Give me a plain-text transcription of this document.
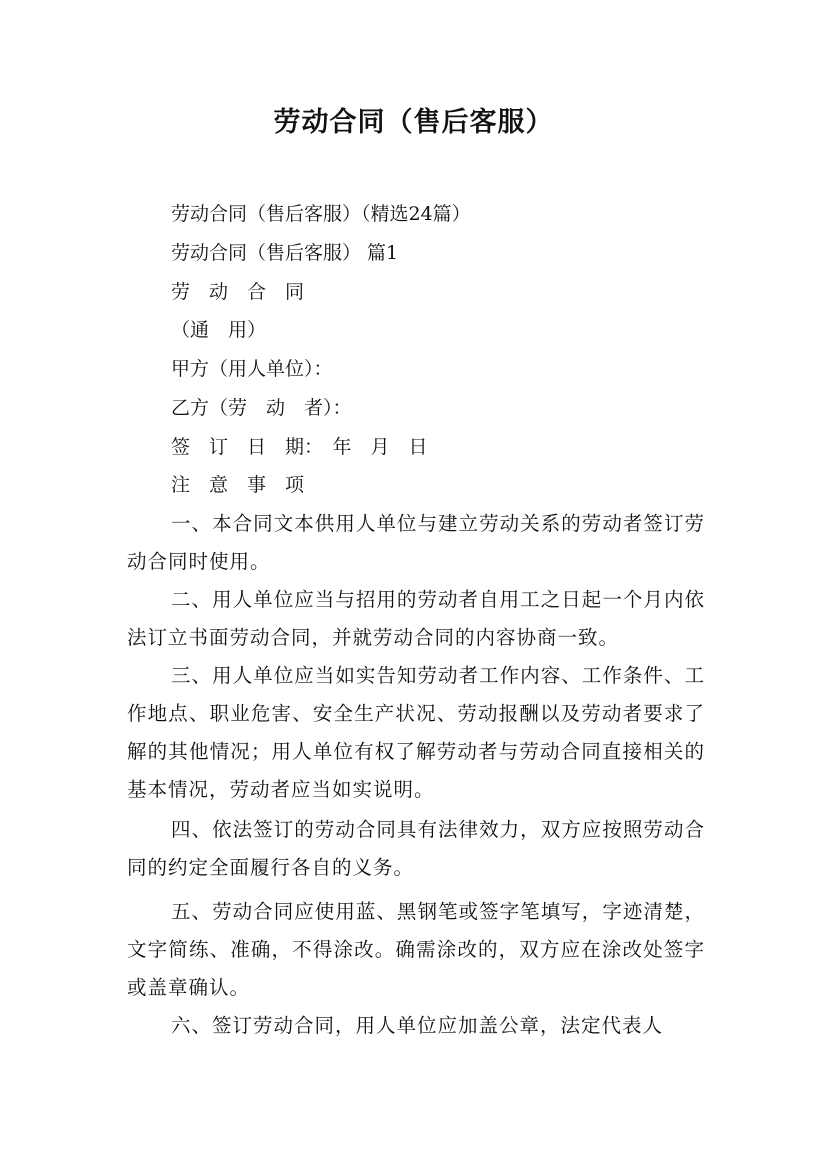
劳动合同（售后客服）
劳动合同（售后客服）（精选24篇）
劳动合同（售后客服） 篇1
劳　动　合　同
（通　用）
甲方（用人单位）：
乙方（劳　动　者）：
签　订　日　期：　年　月　日
注　意　事　项
一、本合同文本供用人单位与建立劳动关系的劳动者签订劳动合同时使用。
二、用人单位应当与招用的劳动者自用工之日起一个月内依法订立书面劳动合同，并就劳动合同的内容协商一致。
三、用人单位应当如实告知劳动者工作内容、工作条件、工作地点、职业危害、安全生产状况、劳动报酬以及劳动者要求了解的其他情况；用人单位有权了解劳动者与劳动合同直接相关的基本情况，劳动者应当如实说明。
四、依法签订的劳动合同具有法律效力，双方应按照劳动合同的约定全面履行各自的义务。
五、劳动合同应使用蓝、黑钢笔或签字笔填写，字迹清楚，文字简练、准确，不得涂改。确需涂改的，双方应在涂改处签字或盖章确认。
六、签订劳动合同，用人单位应加盖公章，法定代表人
